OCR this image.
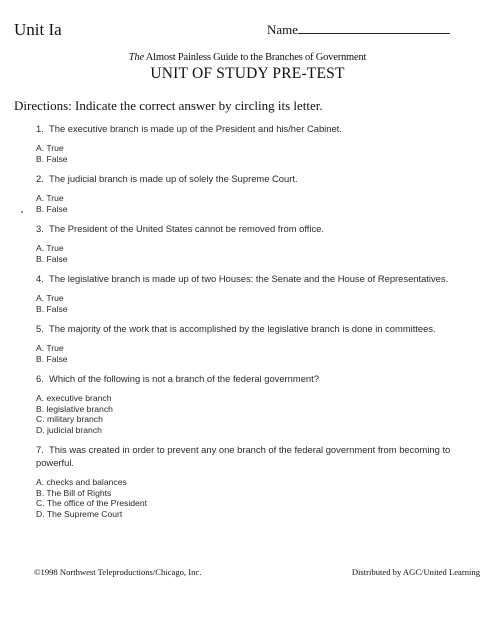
Unit Ia	Name
The Almost Painless Guide to the Branches of Government
UNIT OF STUDY PRE-TEST
Directions: Indicate the correct answer by circling its letter.

1. The executive branch is made up of the President and his/her Cabinet.

A. True

B. False

2. The judicial branch is made up of solely the Supreme Court.

A. True

B. False

3. The President of the United States cannot be removed from office.

A. True

B. False

4. The legislative branch is made up of two Houses: the Senate and the House of Representatives.

A. True

B. False

5. The majority of the work that is accomplished by the legislative branch is done in committees.

A. True

B. False

6. Which of the following is not a branch of the federal government?

A. executive branch

B. legislative branch

C. military branch

D. judicial branch

7. This was created in order to prevent any one branch of the federal government from becoming to powerful.

A. checks and balances

B. The Bill of Rights

C. The office of the President

D. The Supreme Court

©1998 Northwest Teleproductions/Chicago, Inc.	Distributed by AGC/United Learning
